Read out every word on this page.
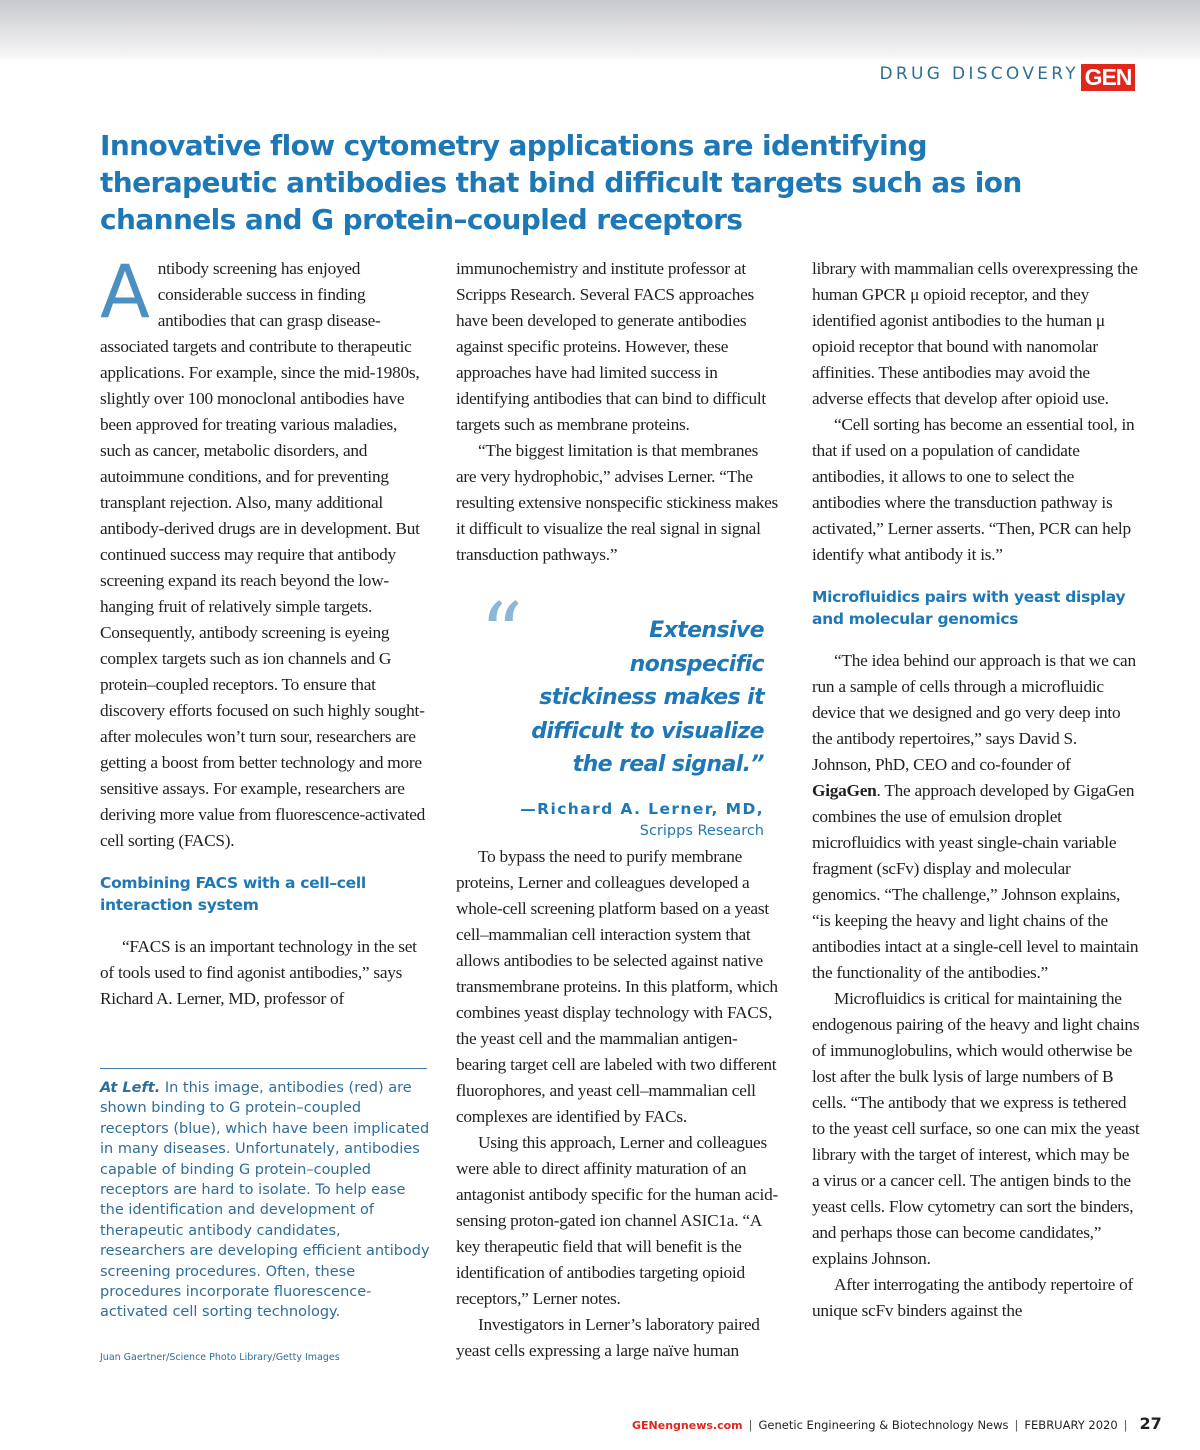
DRUG DISCOVERY GEN
Innovative flow cytometry applications are identifying therapeutic antibodies that bind difficult targets such as ion channels and G protein–coupled receptors

Antibody screening has enjoyed considerable success in finding antibodies that can grasp disease-associated targets and contribute to therapeutic applications. For example, since the mid-1980s, slightly over 100 monoclonal antibodies have been approved for treating various maladies, such as cancer, metabolic disorders, and autoimmune conditions, and for preventing transplant rejection. Also, many additional antibody-derived drugs are in development. But continued success may require that antibody screening expand its reach beyond the low-hanging fruit of relatively simple targets. Consequently, antibody screening is eyeing complex targets such as ion channels and G protein–coupled receptors. To ensure that discovery efforts focused on such highly sought-after molecules won’t turn sour, researchers are getting a boost from better technology and more sensitive assays. For example, researchers are deriving more value from fluorescence-activated cell sorting (FACS).

Combining FACS with a cell–cell interaction system

“FACS is an important technology in the set of tools used to find agonist antibodies,” says Richard A. Lerner, MD, professor of

At Left. In this image, antibodies (red) are shown binding to G protein–coupled receptors (blue), which have been implicated in many diseases. Unfortunately, antibodies capable of binding G protein–coupled receptors are hard to isolate. To help ease the identification and development of therapeutic antibody candidates, researchers are developing efficient antibody screening procedures. Often, these procedures incorporate fluorescence-activated cell sorting technology.
Juan Gaertner/Science Photo Library/Getty Images

immunochemistry and institute professor at Scripps Research. Several FACS approaches have been developed to generate antibodies against specific proteins. However, these approaches have had limited success in identifying antibodies that can bind to difficult targets such as membrane proteins.

“The biggest limitation is that membranes are very hydrophobic,” advises Lerner. “The resulting extensive nonspecific stickiness makes it difficult to visualize the real signal in signal transduction pathways.”

To bypass the need to purify membrane proteins, Lerner and colleagues developed a whole-cell screening platform based on a yeast cell–mammalian cell interaction system that allows antibodies to be selected against native transmembrane proteins. In this platform, which combines yeast display technology with FACS, the yeast cell and the mammalian antigen-bearing target cell are labeled with two different fluorophores, and yeast cell–mammalian cell complexes are identified by FACs.

Using this approach, Lerner and colleagues were able to direct affinity maturation of an antagonist antibody specific for the human acid-sensing proton-gated ion channel ASIC1a. “A key therapeutic field that will benefit is the identification of antibodies targeting opioid receptors,” Lerner notes.

Investigators in Lerner’s laboratory paired yeast cells expressing a large naïve human

“	Extensive nonspecific stickiness makes it difficult to visualize the real signal.”
—Richard A. Lerner, MD,
Scripps Research

library with mammalian cells overexpressing the human GPCR μ opioid receptor, and they identified agonist antibodies to the human μ opioid receptor that bound with nanomolar affinities. These antibodies may avoid the adverse effects that develop after opioid use.

“Cell sorting has become an essential tool, in that if used on a population of candidate antibodies, it allows to one to select the antibodies where the transduction pathway is activated,” Lerner asserts. “Then, PCR can help identify what antibody it is.”

Microfluidics pairs with yeast display and molecular genomics

“The idea behind our approach is that we can run a sample of cells through a microfluidic device that we designed and go very deep into the antibody repertoires,” says David S. Johnson, PhD, CEO and co-founder of GigaGen. The approach developed by GigaGen combines the use of emulsion droplet microfluidics with yeast single-chain variable fragment (scFv) display and molecular genomics. “The challenge,” Johnson explains, “is keeping the heavy and light chains of the antibodies intact at a single-cell level to maintain the functionality of the antibodies.”

Microfluidics is critical for maintaining the endogenous pairing of the heavy and light chains of immunoglobulins, which would otherwise be lost after the bulk lysis of large numbers of B cells. “The antibody that we express is tethered to the yeast cell surface, so one can mix the yeast library with the target of interest, which may be a virus or a cancer cell. The antigen binds to the yeast cells. Flow cytometry can sort the binders, and perhaps those can become candidates,” explains Johnson.

After interrogating the antibody repertoire of unique scFv binders against the

GENengnews.com | Genetic Engineering & Biotechnology News | FEBRUARY 2020 | 27
